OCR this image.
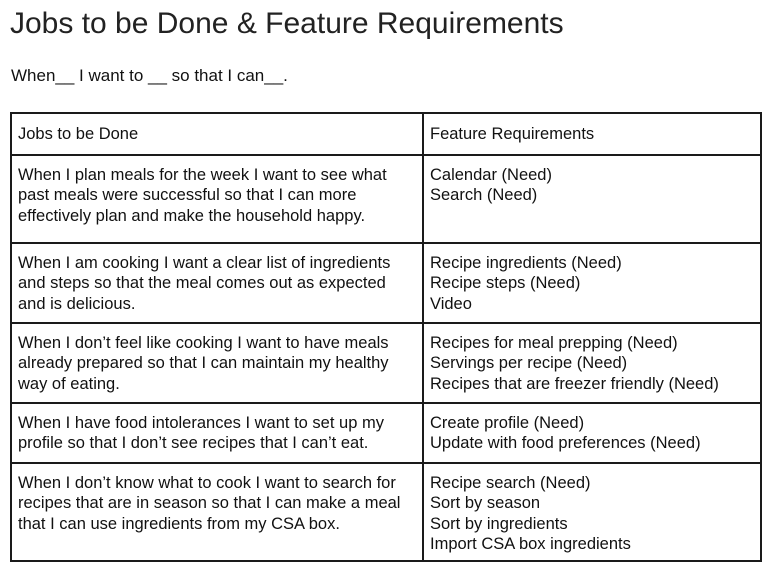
Jobs to be Done & Feature Requirements

When__ I want to __ so that I can__.

Jobs to be Done	Feature Requirements
When I plan meals for the week I want to see what past meals were successful so that I can more effectively plan and make the household happy.	Calendar (Need)
Search (Need)

When I am cooking I want a clear list of ingredients and steps so that the meal comes out as expected and is delicious.	Recipe ingredients (Need)
Recipe steps (Need)
Video

When I don’t feel like cooking I want to have meals already prepared so that I can maintain my healthy way of eating.	Recipes for meal prepping (Need)
Servings per recipe (Need)
Recipes that are freezer friendly (Need)

When I have food intolerances I want to set up my profile so that I don’t see recipes that I can’t eat.	Create profile (Need)
Update with food preferences (Need)

When I don’t know what to cook I want to search for recipes that are in season so that I can make a meal that I can use ingredients from my CSA box.	Recipe search (Need)
Sort by season
Sort by ingredients
Import CSA box ingredients
